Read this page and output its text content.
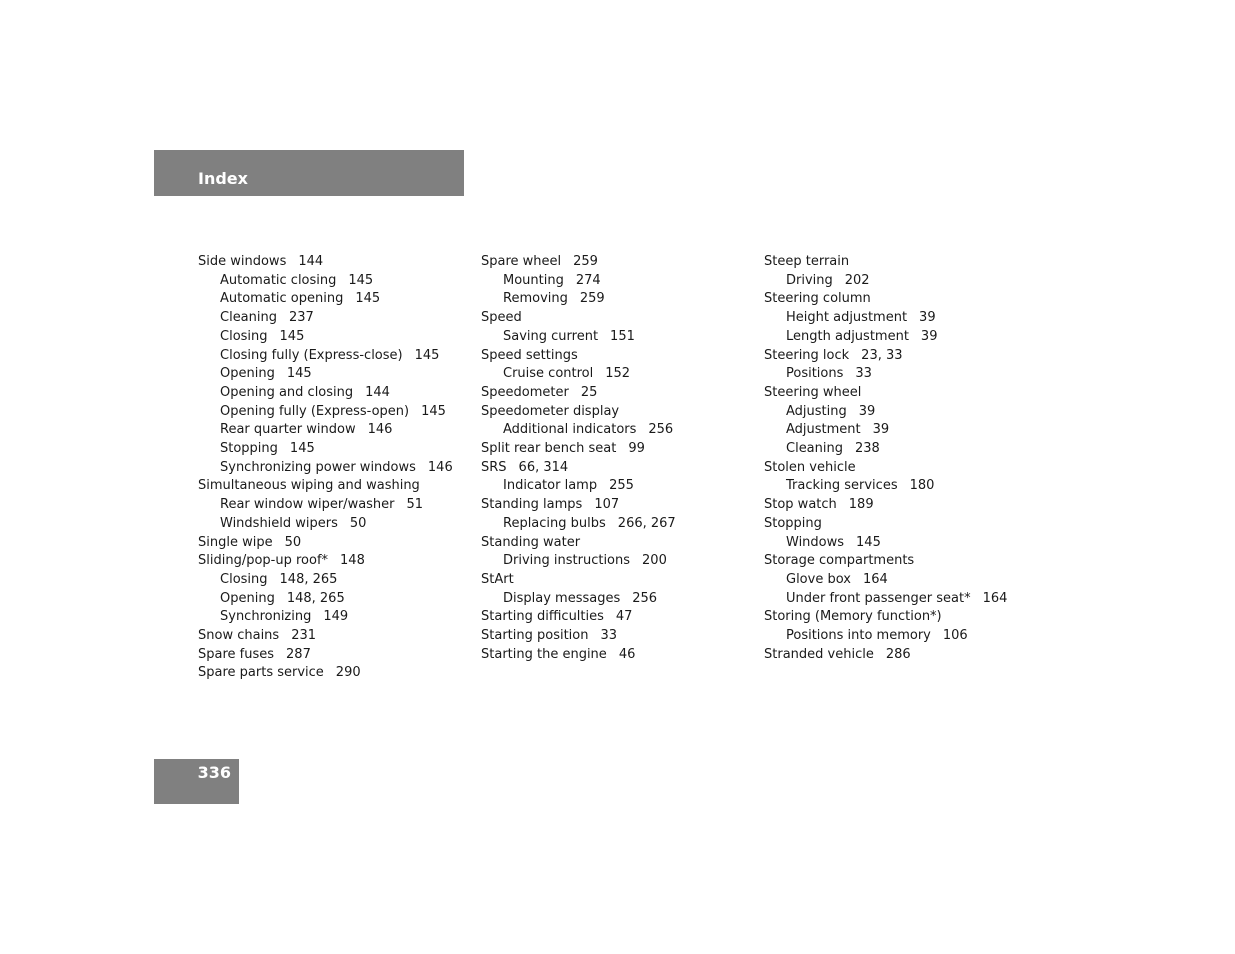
Index
Side windows 144
Automatic closing 145
Automatic opening 145
Cleaning 237
Closing 145
Closing fully (Express-close) 145
Opening 145
Opening and closing 144
Opening fully (Express-open) 145
Rear quarter window 146
Stopping 145
Synchronizing power windows 146
Simultaneous wiping and washing
Rear window wiper/washer 51
Windshield wipers 50
Single wipe 50
Sliding/pop-up roof* 148
Closing 148, 265
Opening 148, 265
Synchronizing 149
Snow chains 231
Spare fuses 287
Spare parts service 290
Spare wheel 259
Mounting 274
Removing 259
Speed
Saving current 151
Speed settings
Cruise control 152
Speedometer 25
Speedometer display
Additional indicators 256
Split rear bench seat 99
SRS 66, 314
Indicator lamp 255
Standing lamps 107
Replacing bulbs 266, 267
Standing water
Driving instructions 200
StArt
Display messages 256
Starting difficulties 47
Starting position 33
Starting the engine 46
Steep terrain
Driving 202
Steering column
Height adjustment 39
Length adjustment 39
Steering lock 23, 33
Positions 33
Steering wheel
Adjusting 39
Adjustment 39
Cleaning 238
Stolen vehicle
Tracking services 180
Stop watch 189
Stopping
Windows 145
Storage compartments
Glove box 164
Under front passenger seat* 164
Storing (Memory function*)
Positions into memory 106
Stranded vehicle 286
336
